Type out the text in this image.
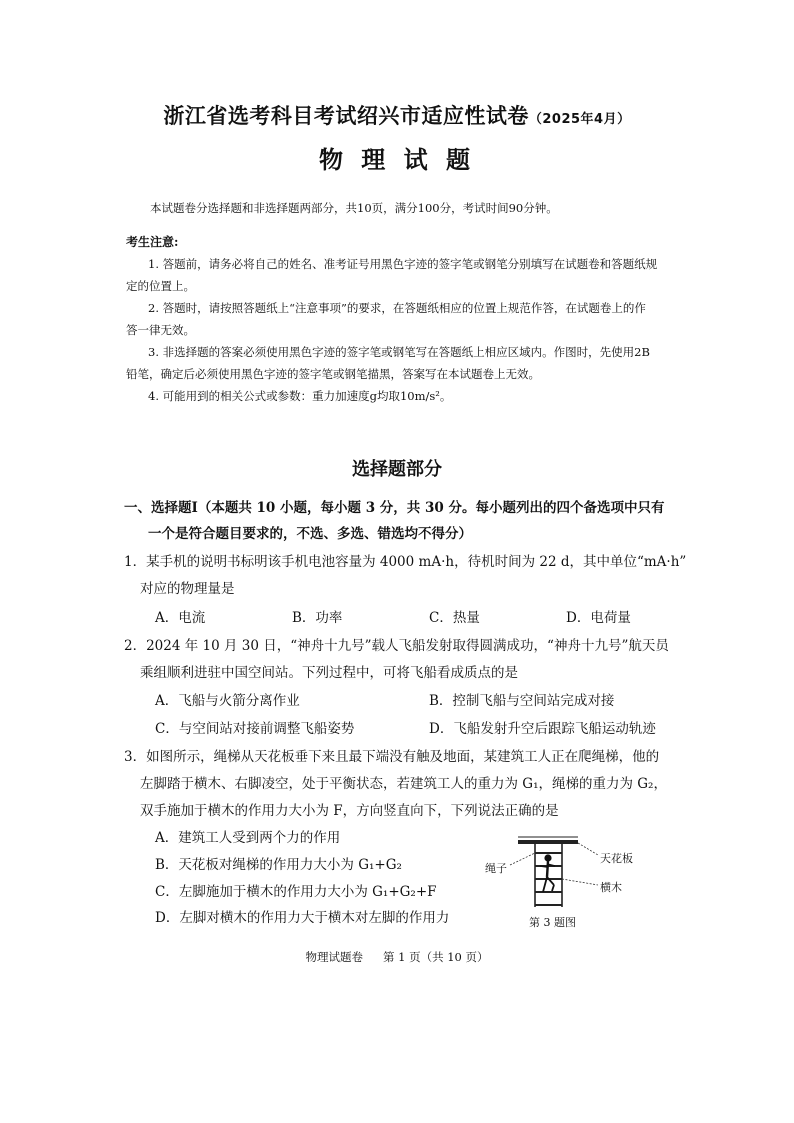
浙江省选考科目考试绍兴市适应性试卷（2025年4月）
物 理 试 题
本试题卷分选择题和非选择题两部分，共10页，满分100分，考试时间90分钟。
考生注意:
1. 答题前，请务必将自己的姓名、准考证号用黑色字迹的签字笔或钢笔分别填写在试题卷和答题纸规
定的位置上。
2. 答题时，请按照答题纸上“注意事项”的要求，在答题纸相应的位置上规范作答，在试题卷上的作
答一律无效。
3. 非选择题的答案必须使用黑色字迹的签字笔或钢笔写在答题纸上相应区域内。作图时，先使用2B
铅笔，确定后必须使用黑色字迹的签字笔或钢笔描黑，答案写在本试题卷上无效。
4. 可能用到的相关公式或参数：重力加速度g均取10m/s²。
选择题部分
一、选择题Ⅰ（本题共 10 小题，每小题 3 分，共 30 分。每小题列出的四个备选项中只有
一个是符合题目要求的，不选、多选、错选均不得分）
1．某手机的说明书标明该手机电池容量为 4000 mA·h，待机时间为 22 d，其中单位“mA·h”
对应的物理量是
A．电流	B．功率	C．热量	D．电荷量
2．2024 年 10 月 30 日，“神舟十九号”载人飞船发射取得圆满成功，“神舟十九号”航天员
乘组顺利进驻中国空间站。下列过程中，可将飞船看成质点的是
A．飞船与火箭分离作业	B．控制飞船与空间站完成对接
C．与空间站对接前调整飞船姿势	D．飞船发射升空后跟踪飞船运动轨迹
3．如图所示，绳梯从天花板垂下来且最下端没有触及地面，某建筑工人正在爬绳梯，他的
左脚踏于横木、右脚凌空，处于平衡状态，若建筑工人的重力为 G₁，绳梯的重力为 G₂，
双手施加于横木的作用力大小为 F，方向竖直向下，下列说法正确的是
A．建筑工人受到两个力的作用
B．天花板对绳梯的作用力大小为 G₁+G₂
C．左脚施加于横木的作用力大小为 G₁+G₂+F
D．左脚对横木的作用力大于横木对左脚的作用力
绳子
天花板
横木
第 3 题图
物理试题卷 第 1 页（共 10 页）
